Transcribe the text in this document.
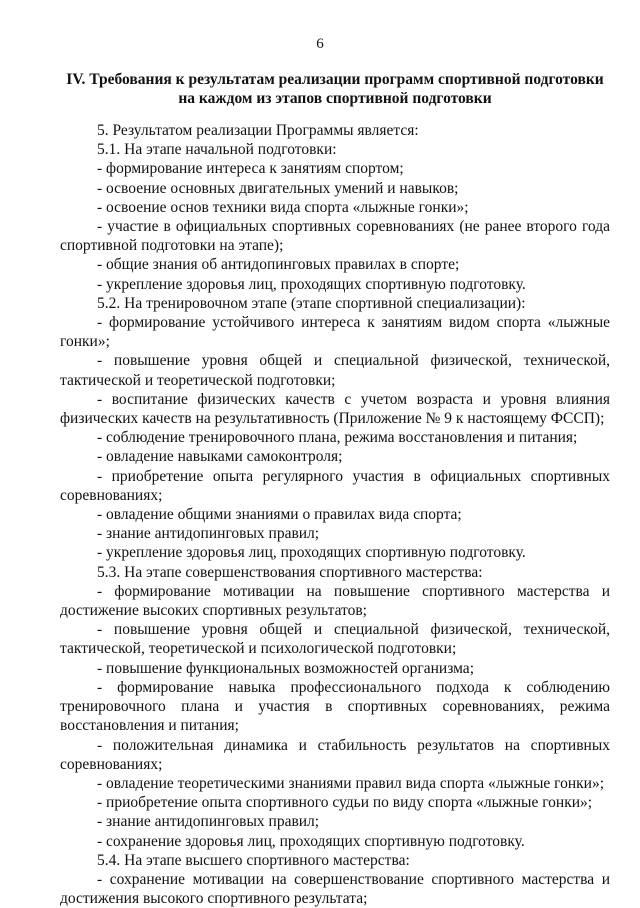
6
IV. Требования к результатам реализации программ спортивной подготовки
на каждом из этапов спортивной подготовки

5. Результатом реализации Программы является:

5.1. На этапе начальной подготовки:

- формирование интереса к занятиям спортом;

- освоение основных двигательных умений и навыков;

- освоение основ техники вида спорта «лыжные гонки»;

- участие в официальных спортивных соревнованиях (не ранее второго года спортивной подготовки на этапе);

- общие знания об антидопинговых правилах в спорте;

- укрепление здоровья лиц, проходящих спортивную подготовку.

5.2. На тренировочном этапе (этапе спортивной специализации):

- формирование устойчивого интереса к занятиям видом спорта «лыжные гонки»;

- повышение уровня общей и специальной физической, технической, тактической и теоретической подготовки;

- воспитание физических качеств с учетом возраста и уровня влияния физических качеств на результативность (Приложение № 9 к настоящему ФССП);

- соблюдение тренировочного плана, режима восстановления и питания;

- овладение навыками самоконтроля;

- приобретение опыта регулярного участия в официальных спортивных соревнованиях;

- овладение общими знаниями о правилах вида спорта;

- знание антидопинговых правил;

- укрепление здоровья лиц, проходящих спортивную подготовку.

5.3. На этапе совершенствования спортивного мастерства:

- формирование мотивации на повышение спортивного мастерства и достижение высоких спортивных результатов;

- повышение уровня общей и специальной физической, технической, тактической, теоретической и психологической подготовки;

- повышение функциональных возможностей организма;

- формирование навыка профессионального подхода к соблюдению тренировочного плана и участия в спортивных соревнованиях, режима восстановления и питания;

- положительная динамика и стабильность результатов на спортивных соревнованиях;

- овладение теоретическими знаниями правил вида спорта «лыжные гонки»;

- приобретение опыта спортивного судьи по виду спорта «лыжные гонки»;

- знание антидопинговых правил;

- сохранение здоровья лиц, проходящих спортивную подготовку.

5.4. На этапе высшего спортивного мастерства:

- сохранение мотивации на совершенствование спортивного мастерства и достижения высокого спортивного результата;
